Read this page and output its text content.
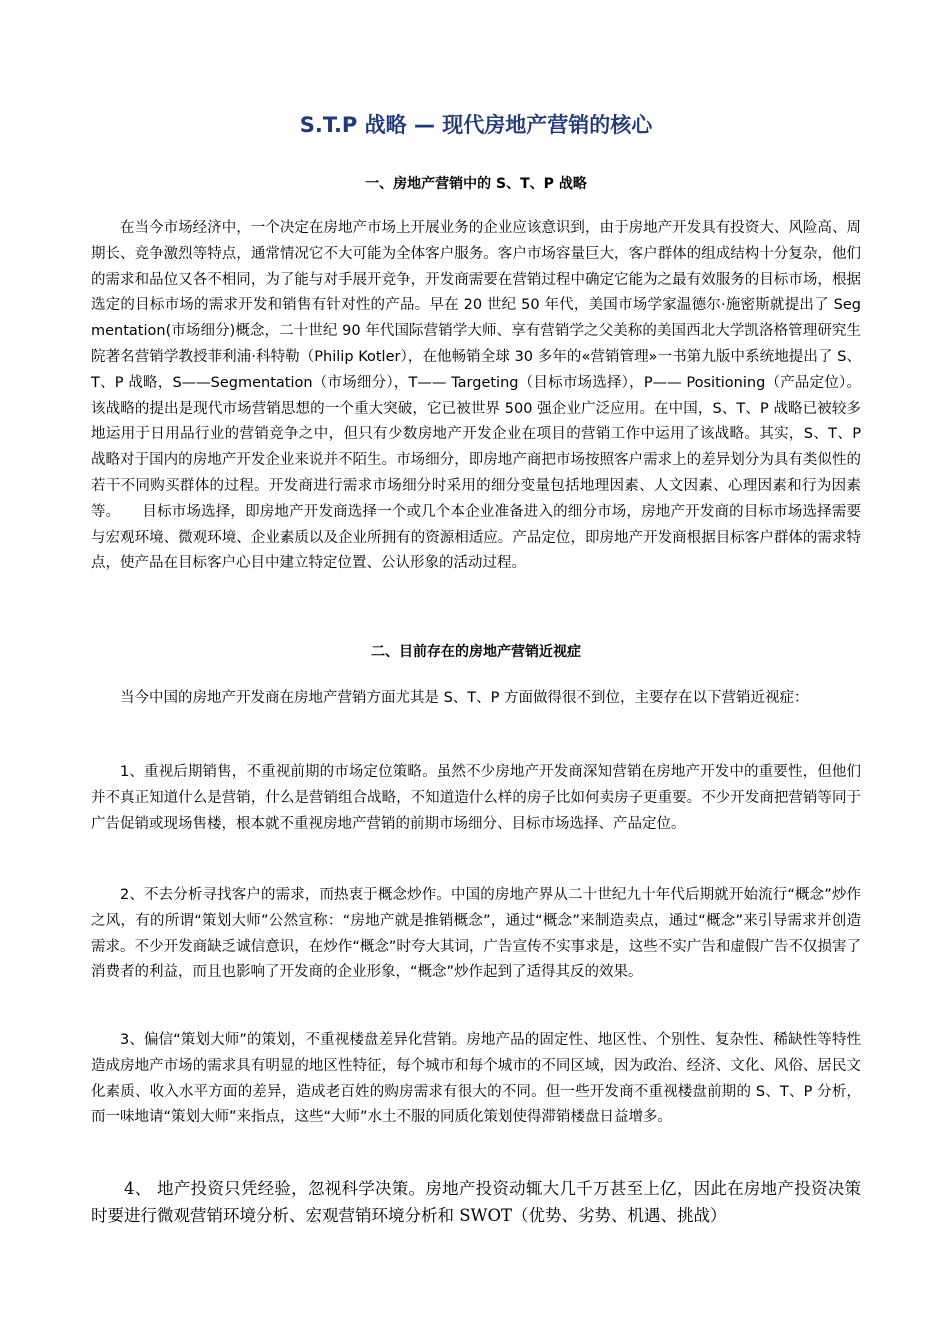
S.T.P 战略 — 现代房地产营销的核心
一、房地产营销中的 S、T、P 战略

在当今市场经济中，一个决定在房地产市场上开展业务的企业应该意识到，由于房地产开发具有投资大、风险高、周期长、竞争激烈等特点，通常情况它不大可能为全体客户服务。客户市场容量巨大，客户群体的组成结构十分复杂，他们的需求和品位又各不相同，为了能与对手展开竞争，开发商需要在营销过程中确定它能为之最有效服务的目标市场，根据选定的目标市场的需求开发和销售有针对性的产品。早在 20 世纪 50 年代，美国市场学家温德尔·施密斯就提出了 Segmentation(市场细分)概念，二十世纪 90 年代国际营销学大师、享有营销学之父美称的美国西北大学凯洛格管理研究生院著名营销学教授菲利浦·科特勒（Philip Kotler），在他畅销全球 30 多年的«营销管理»一书第九版中系统地提出了 S、T、P 战略，S——Segmentation（市场细分），T—— Targeting（目标市场选择），P—— Positioning（产品定位）。该战略的提出是现代市场营销思想的一个重大突破，它已被世界 500 强企业广泛应用。在中国，S、T、P 战略已被较多地运用于日用品行业的营销竞争之中，但只有少数房地产开发企业在项目的营销工作中运用了该战略。其实，S、T、P 战略对于国内的房地产开发企业来说并不陌生。市场细分，即房地产商把市场按照客户需求上的差异划分为具有类似性的若干不同购买群体的过程。开发商进行需求市场细分时采用的细分变量包括地理因素、人文因素、心理因素和行为因素等。　　目标市场选择，即房地产开发商选择一个或几个本企业准备进入的细分市场，房地产开发商的目标市场选择需要与宏观环境、微观环境、企业素质以及企业所拥有的资源相适应。产品定位，即房地产开发商根据目标客户群体的需求特点，使产品在目标客户心目中建立特定位置、公认形象的活动过程。

二、目前存在的房地产营销近视症

当今中国的房地产开发商在房地产营销方面尤其是 S、T、P 方面做得很不到位，主要存在以下营销近视症：

1、重视后期销售，不重视前期的市场定位策略。虽然不少房地产开发商深知营销在房地产开发中的重要性，但他们并不真正知道什么是营销，什么是营销组合战略，不知道造什么样的房子比如何卖房子更重要。不少开发商把营销等同于广告促销或现场售楼，根本就不重视房地产营销的前期市场细分、目标市场选择、产品定位。

2、不去分析寻找客户的需求，而热衷于概念炒作。中国的房地产界从二十世纪九十年代后期就开始流行“概念”炒作之风，有的所谓“策划大师”公然宣称：“房地产就是推销概念”，通过“概念”来制造卖点，通过“概念”来引导需求并创造需求。不少开发商缺乏诚信意识，在炒作“概念”时夸大其词，广告宣传不实事求是，这些不实广告和虚假广告不仅损害了消费者的利益，而且也影响了开发商的企业形象，“概念”炒作起到了适得其反的效果。

3、偏信“策划大师”的策划，不重视楼盘差异化营销。房地产品的固定性、地区性、个别性、复杂性、稀缺性等特性造成房地产市场的需求具有明显的地区性特征，每个城市和每个城市的不同区域，因为政治、经济、文化、风俗、居民文化素质、收入水平方面的差异，造成老百姓的购房需求有很大的不同。但一些开发商不重视楼盘前期的 S、T、P 分析，而一味地请“策划大师”来指点，这些“大师”水土不服的同质化策划使得滞销楼盘日益增多。

4、 地产投资只凭经验，忽视科学决策。房地产投资动辄大几千万甚至上亿，因此在房地产投资决策时要进行微观营销环境分析、宏观营销环境分析和 SWOT（优势、劣势、机遇、挑战）
